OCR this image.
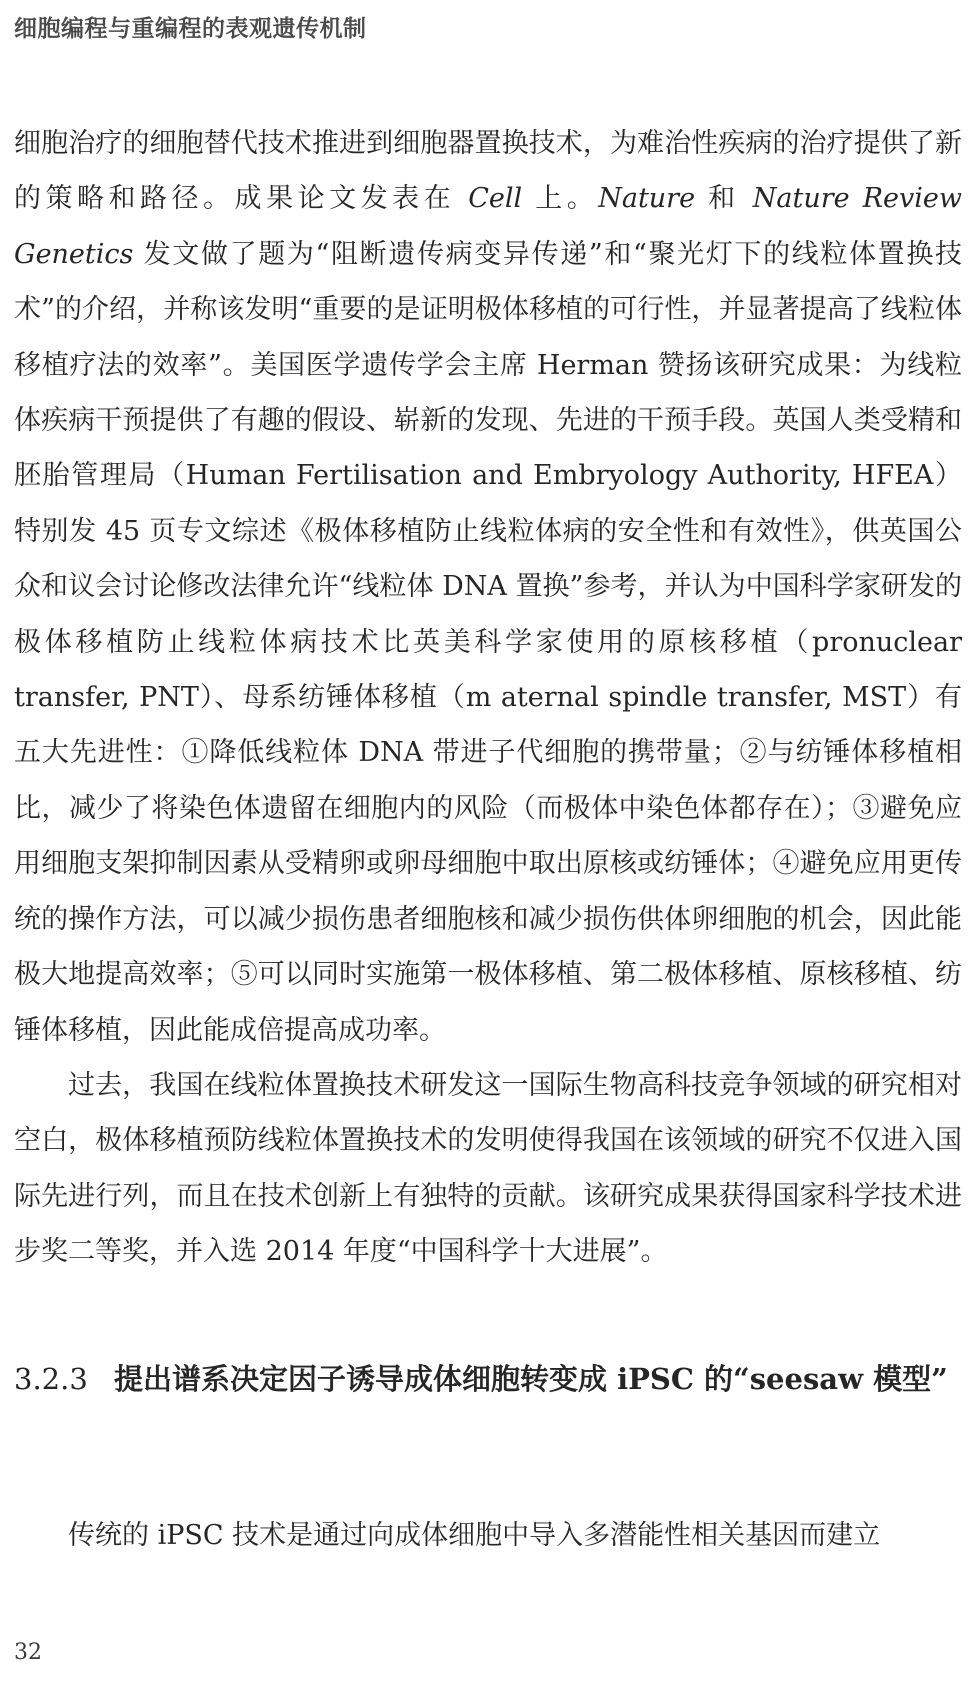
细胞编程与重编程的表观遗传机制

细胞治疗的细胞替代技术推进到细胞器置换技术，为难治性疾病的治疗提供了新的策略和路径。成果论文发表在 Cell 上。Nature 和 Nature Review Genetics 发文做了题为“阻断遗传病变异传递”和“聚光灯下的线粒体置换技术”的介绍，并称该发明“重要的是证明极体移植的可行性，并显著提高了线粒体移植疗法的效率”。美国医学遗传学会主席 Herman 赞扬该研究成果：为线粒体疾病干预提供了有趣的假设、崭新的发现、先进的干预手段。英国人类受精和胚胎管理局（Human Fertilisation and Embryology Authority, HFEA）特别发 45 页专文综述《极体移植防止线粒体病的安全性和有效性》，供英国公众和议会讨论修改法律允许“线粒体 DNA 置换”参考，并认为中国科学家研发的极体移植防止线粒体病技术比英美科学家使用的原核移植（pronuclear transfer, PNT）、母系纺锤体移植（m aternal spindle transfer, MST）有五大先进性：①降低线粒体 DNA 带进子代细胞的携带量；②与纺锤体移植相比，减少了将染色体遗留在细胞内的风险（而极体中染色体都存在）；③避免应用细胞支架抑制因素从受精卵或卵母细胞中取出原核或纺锤体；④避免应用更传统的操作方法，可以减少损伤患者细胞核和减少损伤供体卵细胞的机会，因此能极大地提高效率；⑤可以同时实施第一极体移植、第二极体移植、原核移植、纺锤体移植，因此能成倍提高成功率。

过去，我国在线粒体置换技术研发这一国际生物高科技竞争领域的研究相对空白，极体移植预防线粒体置换技术的发明使得我国在该领域的研究不仅进入国际先进行列，而且在技术创新上有独特的贡献。该研究成果获得国家科学技术进步奖二等奖，并入选 2014 年度“中国科学十大进展”。

3.2.3 提出谱系决定因子诱导成体细胞转变成 iPSC 的“seesaw 模型”
传统的 iPSC 技术是通过向成体细胞中导入多潜能性相关基因而建立
32
